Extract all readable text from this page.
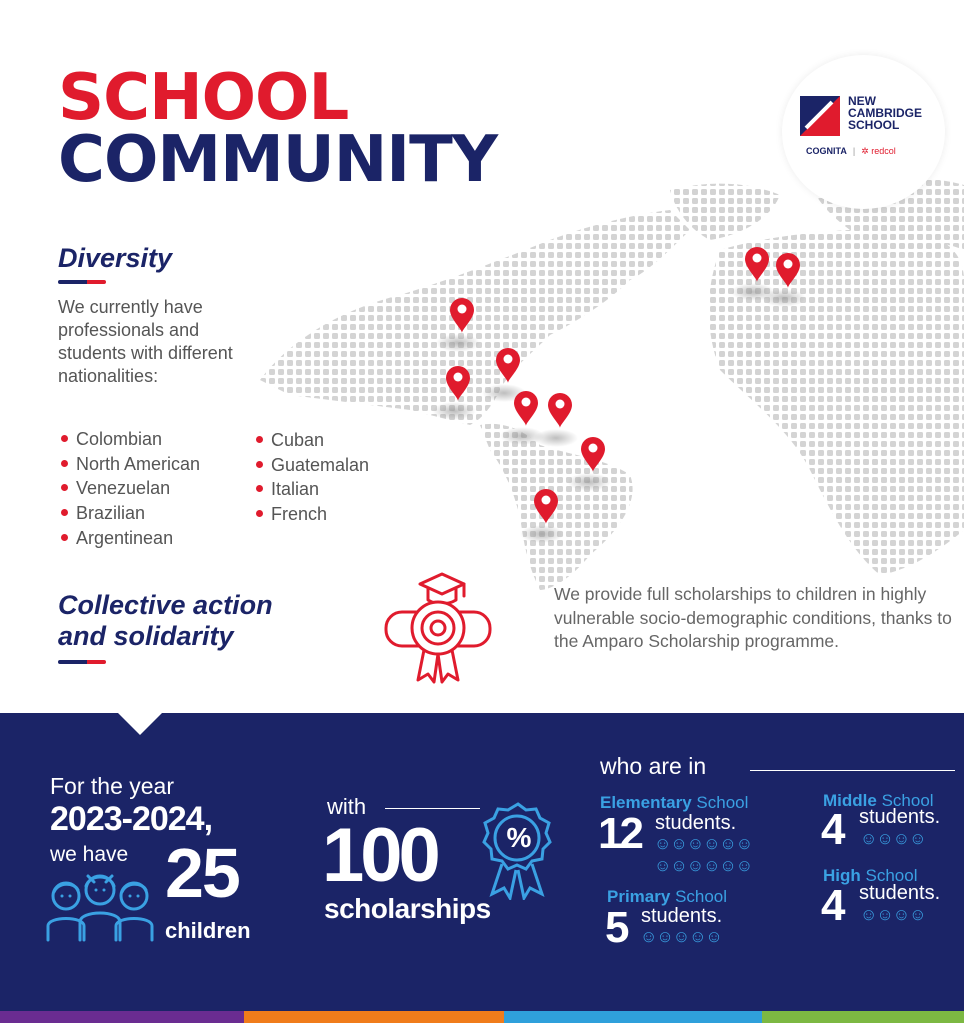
SCHOOL
COMMUNITY
NEW
CAMBRIDGE
SCHOOL
COGNITA | ✲ redcol
Diversity
We currently have professionals and students with different nationalities:
Colombian
North American
Venezuelan
Brazilian
Argentinean
Cuban
Guatemalan
Italian
French
Collective action
and solidarity
We provide full scholarships to children in highly vulnerable socio-demographic conditions, thanks to the Amparo Scholarship programme.
For the year
2023-2024,
we have 25
children
with
100 %
scholarships
who are in
Elementary School
12 students.
☺☺☺☺☺☺
☺☺☺☺☺☺
Primary School
5 students.
☺☺☺☺☺
Middle School
4 students.
☺☺☺☺
High School
4 students.
☺☺☺☺
